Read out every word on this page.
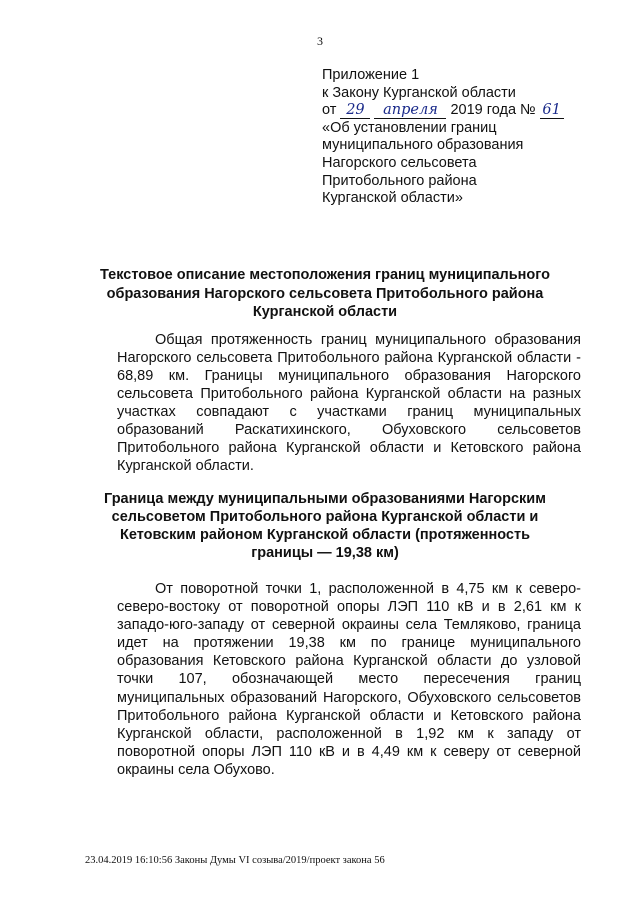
3
Приложение 1
к Закону Курганской области
от 29 апреля 2019 года № 61
«Об установлении границ
муниципального образования
Нагорского сельсовета
Притобольного района
Курганской области»
Текстовое описание местоположения границ муниципального образования Нагорского сельсовета Притобольного района Курганской области
Общая протяженность границ муниципального образования Нагорского сельсовета Притобольного района Курганской области - 68,89 км. Границы муниципального образования Нагорского сельсовета Притобольного района Курганской области на разных участках совпадают с участками границ муниципальных образований Раскатихинского, Обуховского сельсоветов Притобольного района Курганской области и Кетовского района Курганской области.
Граница между муниципальными образованиями Нагорским сельсоветом Притобольного района Курганской области и Кетовским районом Курганской области (протяженность границы — 19,38 км)
От поворотной точки 1, расположенной в 4,75 км к северо-северо-востоку от поворотной опоры ЛЭП 110 кВ и в 2,61 км к западо-юго-западу от северной окраины села Темляково, граница идет на протяжении 19,38 км по границе муниципального образования Кетовского района Курганской области до узловой точки 107, обозначающей место пересечения границ муниципальных образований Нагорского, Обуховского сельсоветов Притобольного района Курганской области и Кетовского района Курганской области, расположенной в 1,92 км к западу от поворотной опоры ЛЭП 110 кВ и в 4,49 км к северу от северной окраины села Обухово.
23.04.2019 16:10:56 Законы Думы VI созыва/2019/проект закона 56
